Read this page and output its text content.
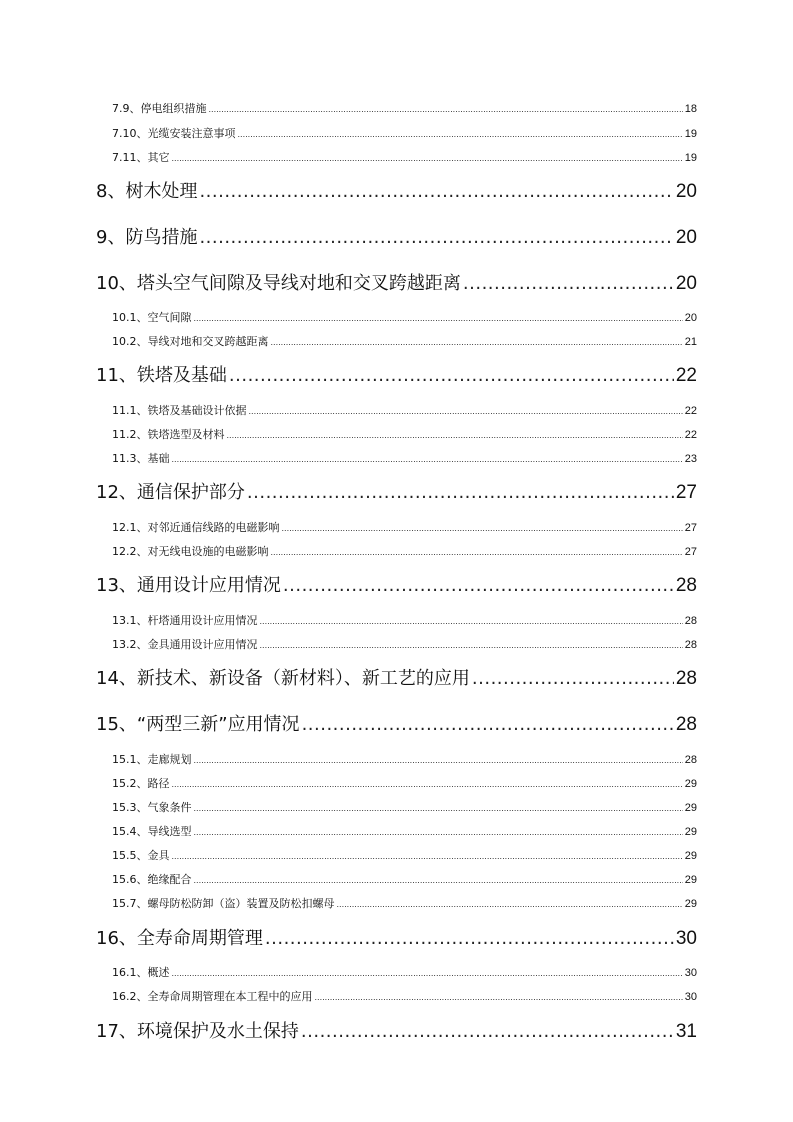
7.9、停电组织措施 .....	18
7.10、光缆安装注意事项 .....	19
7.11、其它 .....	19
8、树木处理 .....	20
9、防鸟措施 .....	20
10、塔头空气间隙及导线对地和交叉跨越距离 .....	20
10.1、空气间隙 .....	20
10.2、导线对地和交叉跨越距离 .....	21
11、铁塔及基础 .....	22
11.1、铁塔及基础设计依据 .....	22
11.2、铁塔选型及材料 .....	22
11.3、基础 .....	23
12、通信保护部分 .....	27
12.1、对邻近通信线路的电磁影响 .....	27
12.2、对无线电设施的电磁影响 .....	27
13、通用设计应用情况 .....	28
13.1、杆塔通用设计应用情况 .....	28
13.2、金具通用设计应用情况 .....	28
14、新技术、新设备（新材料）、新工艺的应用 .....	28
15、“两型三新”应用情况 .....	28
15.1、走廊规划 .....	28
15.2、路径 .....	29
15.3、气象条件 .....	29
15.4、导线选型 .....	29
15.5、金具 .....	29
15.6、绝缘配合 .....	29
15.7、螺母防松防卸（盗）装置及防松扣螺母 .....	29
16、全寿命周期管理 .....	30
16.1、概述 .....	30
16.2、全寿命周期管理在本工程中的应用 .....	30
17、环境保护及水土保持 .....	31
